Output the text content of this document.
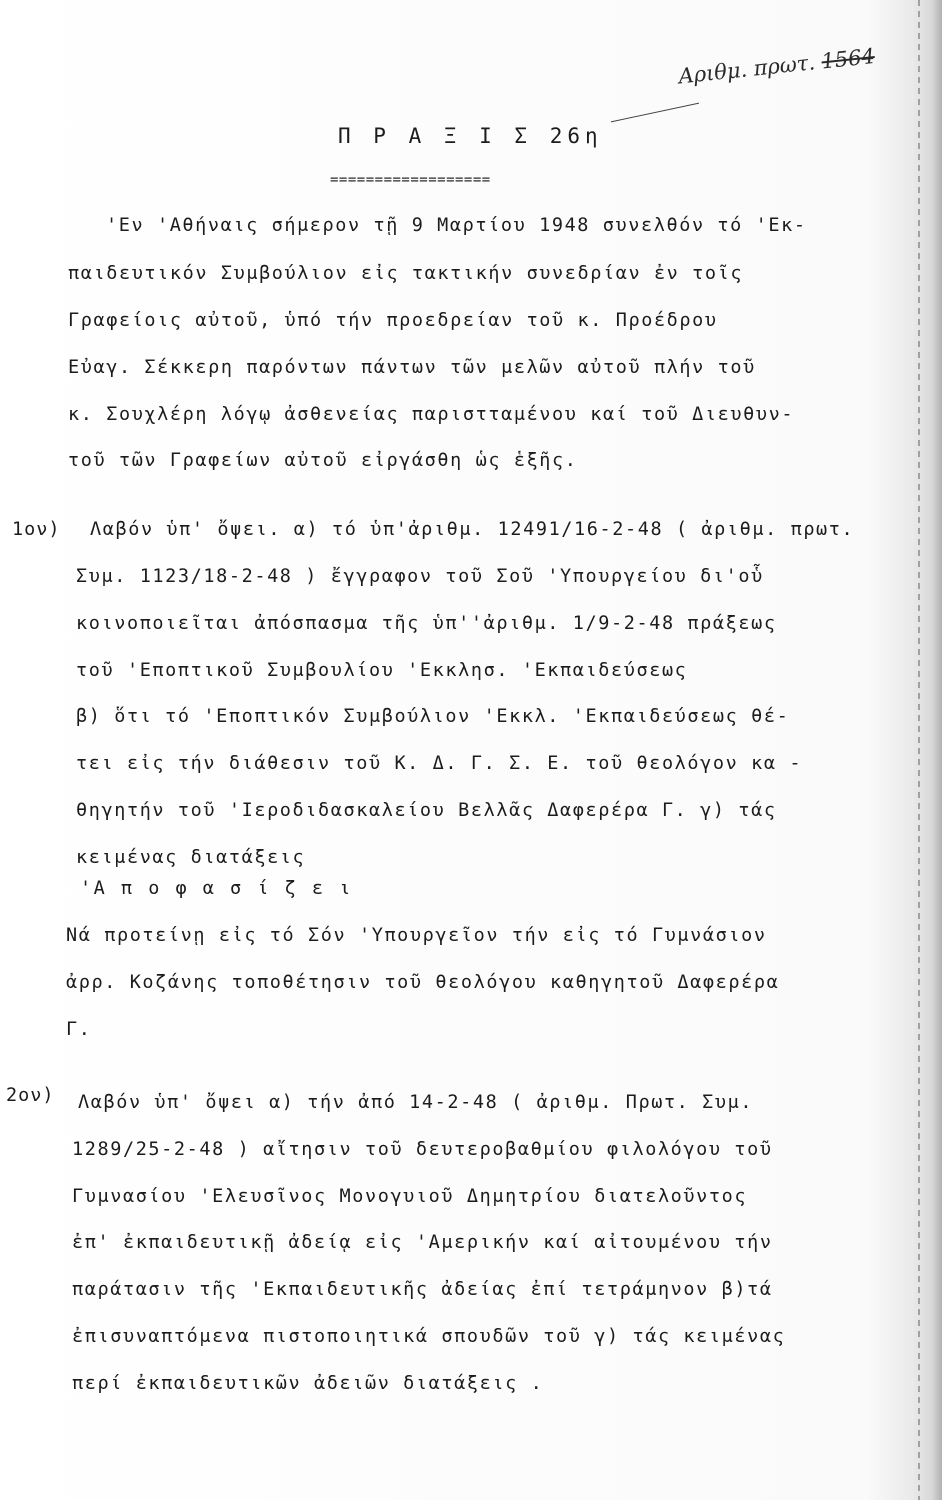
Αριθμ. πρωτ. 1564
Π Ρ Α Ξ Ι Σ 26η
==================
'Εν 'Αθήναις σήμερον τῇ 9 Μαρτίου 1948 συνελθόν τό 'Εκ-
παιδευτικόν Συμβούλιον εἰς τακτικήν συνεδρίαν ἐν τοῖς
Γραφείοις αὐτοῦ, ὑπό τήν προεδρείαν τοῦ κ. Προέδρου
Εὐαγ. Σέκκερη παρόντων πάντων τῶν μελῶν αὐτοῦ πλήν τοῦ
κ. Σουχλέρη λόγῳ ἀσθενείας παριστταμένου καί τοῦ Διευθυν-
τοῦ τῶν Γραφείων αὐτοῦ εἰργάσθη ὡς ἑξῆς.
1ον) Λαβόν ὑπ' ὄψει. α) τό ὑπ'ἀριθμ. 12491/16-2-48 ( ἀριθμ. πρωτ.
Συμ. 1123/18-2-48 ) ἔγγραφον τοῦ Σοῦ 'Υπουργείου δι'οὗ
κοινοποιεῖται ἀπόσπασμα τῆς ὑπ''ἀριθμ. 1/9-2-48 πράξεως
τοῦ 'Εποπτικοῦ Συμβουλίου 'Εκκλησ. 'Εκπαιδεύσεως
β) ὅτι τό 'Εποπτικόν Συμβούλιον 'Εκκλ. 'Εκπαιδεύσεως θέ-
τει εἰς τήν διάθεσιν τοῦ Κ. Δ. Γ. Σ. Ε. τοῦ θεολόγον κα -
θηγητήν τοῦ 'Ιεροδιδασκαλείου Βελλᾶς Δαφερέρα Γ. γ) τάς
κειμένας διατάξεις
'Α π ο φ α σ ί ζ ε ι
Νά προτείνῃ εἰς τό Σόν 'Υπουργεῖον τήν εἰς τό Γυμνάσιον
ἀρρ. Κοζάνης τοποθέτησιν τοῦ θεολόγου καθηγητοῦ Δαφερέρα
Γ.
2ον) Λαβόν ὑπ' ὄψει α) τήν ἀπό 14-2-48 ( ἀριθμ. Πρωτ. Συμ.
1289/25-2-48 ) αἴτησιν τοῦ δευτεροβαθμίου φιλολόγου τοῦ
Γυμνασίου 'Ελευσῖνος Μονογυιοῦ Δημητρίου διατελοῦντος
ἐπ' ἐκπαιδευτικῇ ἀδείᾳ εἰς 'Αμερικήν καί αἰτουμένου τήν
παράτασιν τῆς 'Εκπαιδευτικῆς ἀδείας ἐπί τετράμηνον β)τά
ἐπισυναπτόμενα πιστοποιητικά σπουδῶν τοῦ γ) τάς κειμένας
περί ἐκπαιδευτικῶν ἀδειῶν διατάξεις .
